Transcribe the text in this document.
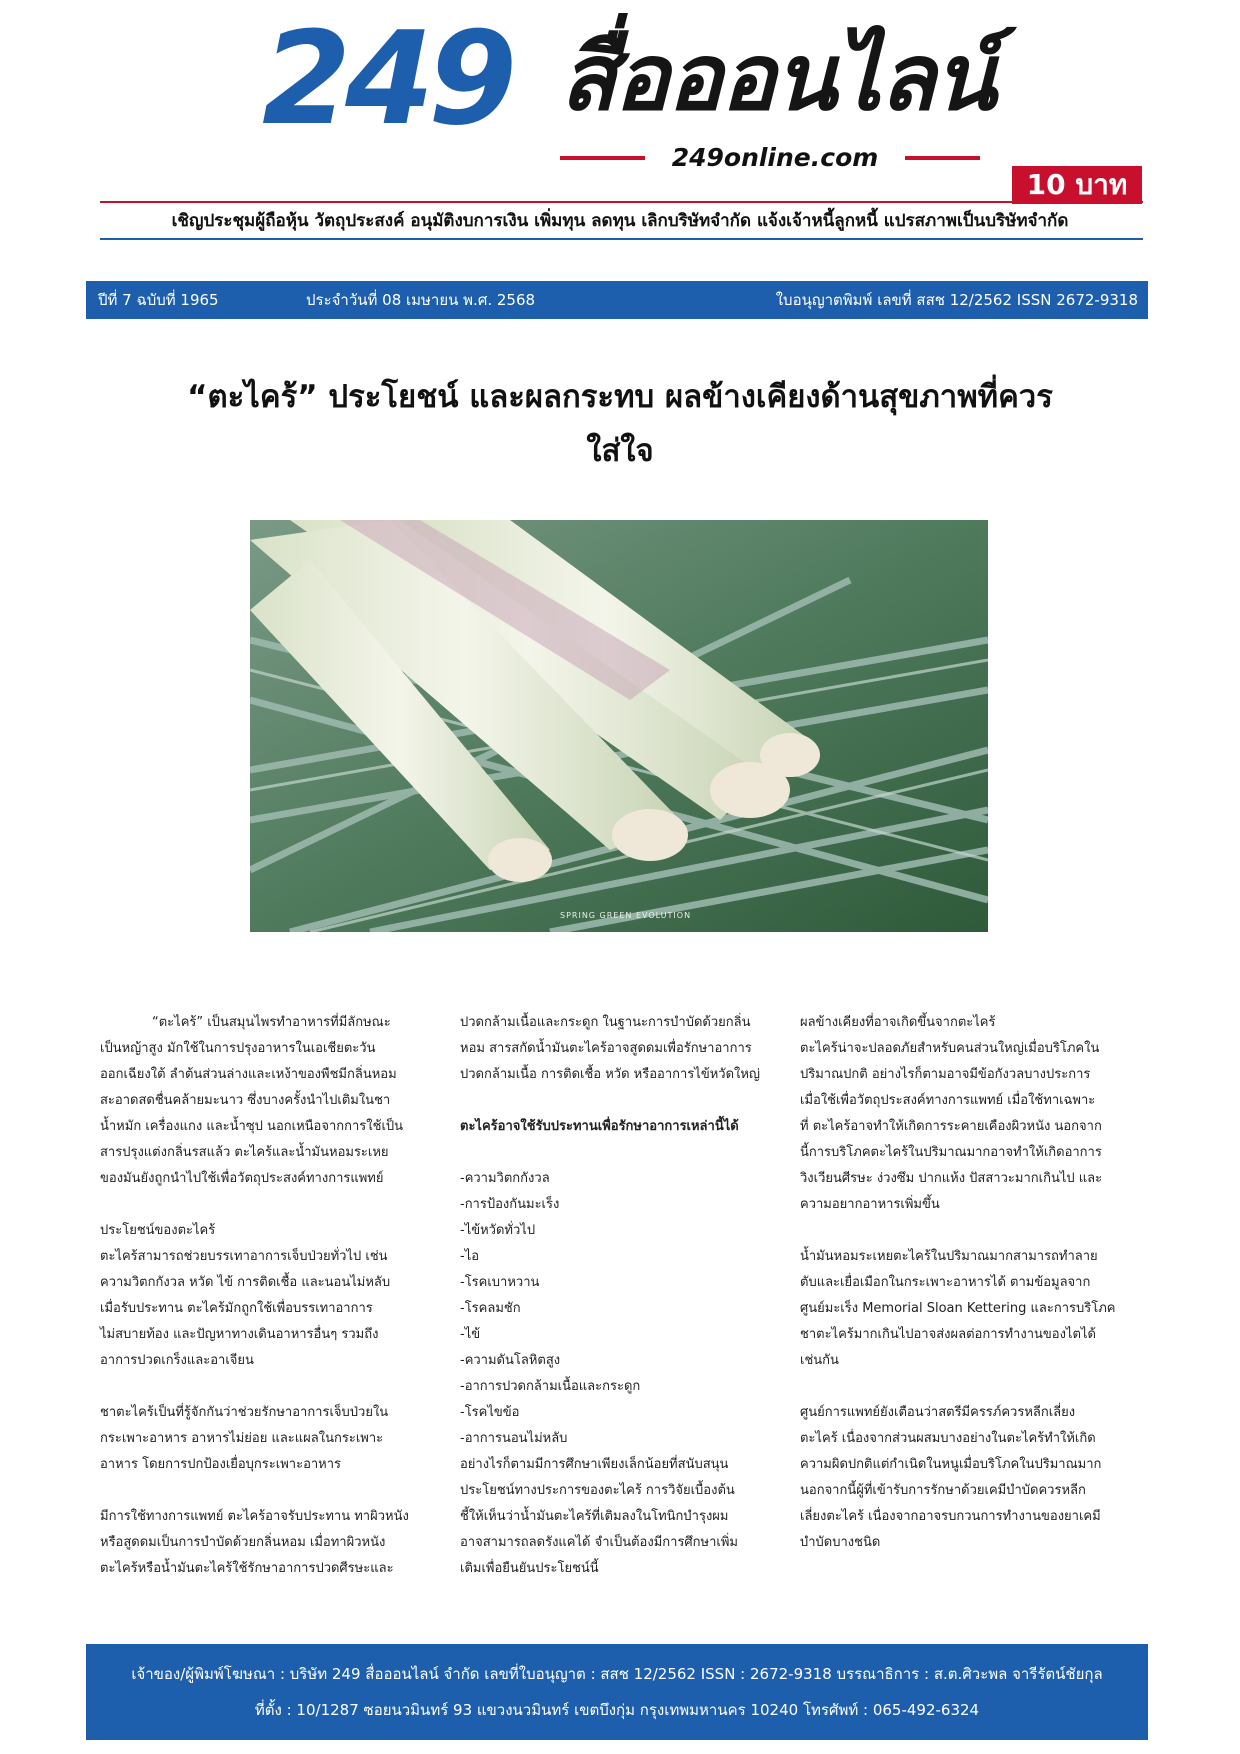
249 สื่อออนไลน์
249online.com
10 บาท
เชิญประชุมผู้ถือหุ้น วัตถุประสงค์ อนุมัติงบการเงิน เพิ่มทุน ลดทุน เลิกบริษัทจำกัด แจ้งเจ้าหนี้ลูกหนี้ แปรสภาพเป็นบริษัทจำกัด
ปีที่ 7 ฉบับที่ 1965	ประจำวันที่ 08 เมษายน พ.ศ. 2568	ใบอนุญาตพิมพ์ เลขที่ สสช 12/2562 ISSN 2672-9318
“ตะไคร้” ประโยชน์ และผลกระทบ ผลข้างเคียงด้านสุขภาพที่ควร
ใส่ใจ
SPRING GREEN EVOLUTION

“ตะไคร้” เป็นสมุนไพรทำอาหารที่มีลักษณะ

เป็นหญ้าสูง มักใช้ในการปรุงอาหารในเอเชียตะวัน

ออกเฉียงใต้ ลำต้นส่วนล่างและเหง้าของพืชมีกลิ่นหอม

สะอาดสดชื่นคล้ายมะนาว ซึ่งบางครั้งนำไปเติมในชา

น้ำหมัก เครื่องแกง และน้ำซุป นอกเหนือจากการใช้เป็น

สารปรุงแต่งกลิ่นรสแล้ว ตะไคร้และน้ำมันหอมระเหย

ของมันยังถูกนำไปใช้เพื่อวัตถุประสงค์ทางการแพทย์

ประโยชน์ของตะไคร้

ตะไคร้สามารถช่วยบรรเทาอาการเจ็บป่วยทั่วไป เช่น

ความวิตกกังวล หวัด ไข้ การติดเชื้อ และนอนไม่หลับ

เมื่อรับประทาน ตะไคร้มักถูกใช้เพื่อบรรเทาอาการ

ไม่สบายท้อง และปัญหาทางเดินอาหารอื่นๆ รวมถึง

อาการปวดเกร็งและอาเจียน

ชาตะไคร้เป็นที่รู้จักกันว่าช่วยรักษาอาการเจ็บป่วยใน

กระเพาะอาหาร อาหารไม่ย่อย และแผลในกระเพาะ

อาหาร โดยการปกป้องเยื่อบุกระเพาะอาหาร

มีการใช้ทางการแพทย์ ตะไคร้อาจรับประทาน ทาผิวหนัง

หรือสูดดมเป็นการบำบัดด้วยกลิ่นหอม เมื่อทาผิวหนัง

ตะไคร้หรือน้ำมันตะไคร้ใช้รักษาอาการปวดศีรษะและ

ปวดกล้ามเนื้อและกระดูก ในฐานะการบำบัดด้วยกลิ่น

หอม สารสกัดน้ำมันตะไคร้อาจสูดดมเพื่อรักษาอาการ

ปวดกล้ามเนื้อ การติดเชื้อ หวัด หรืออาการไข้หวัดใหญ่

ตะไคร้อาจใช้รับประทานเพื่อรักษาอาการเหล่านี้ได้

-ความวิตกกังวล

-การป้องกันมะเร็ง

-ไข้หวัดทั่วไป

-ไอ

-โรคเบาหวาน

-โรคลมชัก

-ไข้

-ความดันโลหิตสูง

-อาการปวดกล้ามเนื้อและกระดูก

-โรคไขข้อ

-อาการนอนไม่หลับ

อย่างไรก็ตามมีการศึกษาเพียงเล็กน้อยที่สนับสนุน

ประโยชน์ทางประการของตะไคร้ การวิจัยเบื้องต้น

ชี้ให้เห็นว่าน้ำมันตะไคร้ที่เติมลงในโทนิกบำรุงผม

อาจสามารถลดรังแคได้ จำเป็นต้องมีการศึกษาเพิ่ม

เติมเพื่อยืนยันประโยชน์นี้

ผลข้างเคียงที่อาจเกิดขึ้นจากตะไคร้

ตะไคร้น่าจะปลอดภัยสำหรับคนส่วนใหญ่เมื่อบริโภคใน

ปริมาณปกติ อย่างไรก็ตามอาจมีข้อกังวลบางประการ

เมื่อใช้เพื่อวัตถุประสงค์ทางการแพทย์ เมื่อใช้ทาเฉพาะ

ที่ ตะไคร้อาจทำให้เกิดการระคายเคืองผิวหนัง นอกจาก

นี้การบริโภคตะไคร้ในปริมาณมากอาจทำให้เกิดอาการ

วิงเวียนศีรษะ ง่วงซึม ปากแห้ง ปัสสาวะมากเกินไป และ

ความอยากอาหารเพิ่มขึ้น

น้ำมันหอมระเหยตะไคร้ในปริมาณมากสามารถทำลาย

ตับและเยื่อเมือกในกระเพาะอาหารได้ ตามข้อมูลจาก

ศูนย์มะเร็ง Memorial Sloan Kettering และการบริโภค

ชาตะไคร้มากเกินไปอาจส่งผลต่อการทำงานของไตได้

เช่นกัน

ศูนย์การแพทย์ยังเตือนว่าสตรีมีครรภ์ควรหลีกเลี่ยง

ตะไคร้ เนื่องจากส่วนผสมบางอย่างในตะไคร้ทำให้เกิด

ความผิดปกติแต่กำเนิดในหนูเมื่อบริโภคในปริมาณมาก

นอกจากนี้ผู้ที่เข้ารับการรักษาด้วยเคมีบำบัดควรหลีก

เลี่ยงตะไคร้ เนื่องจากอาจรบกวนการทำงานของยาเคมี

บำบัดบางชนิด

เจ้าของ/ผู้พิมพ์โฆษณา : บริษัท 249 สื่อออนไลน์ จำกัด เลขที่ใบอนุญาต : สสช 12/2562 ISSN : 2672-9318 บรรณาธิการ : ส.ต.ศิวะพล จารีรัตน์ชัยกุล
ที่ตั้ง : 10/1287 ซอยนวมินทร์ 93 แขวงนวมินทร์ เขตบึงกุ่ม กรุงเทพมหานคร 10240 โทรศัพท์ : 065-492-6324
